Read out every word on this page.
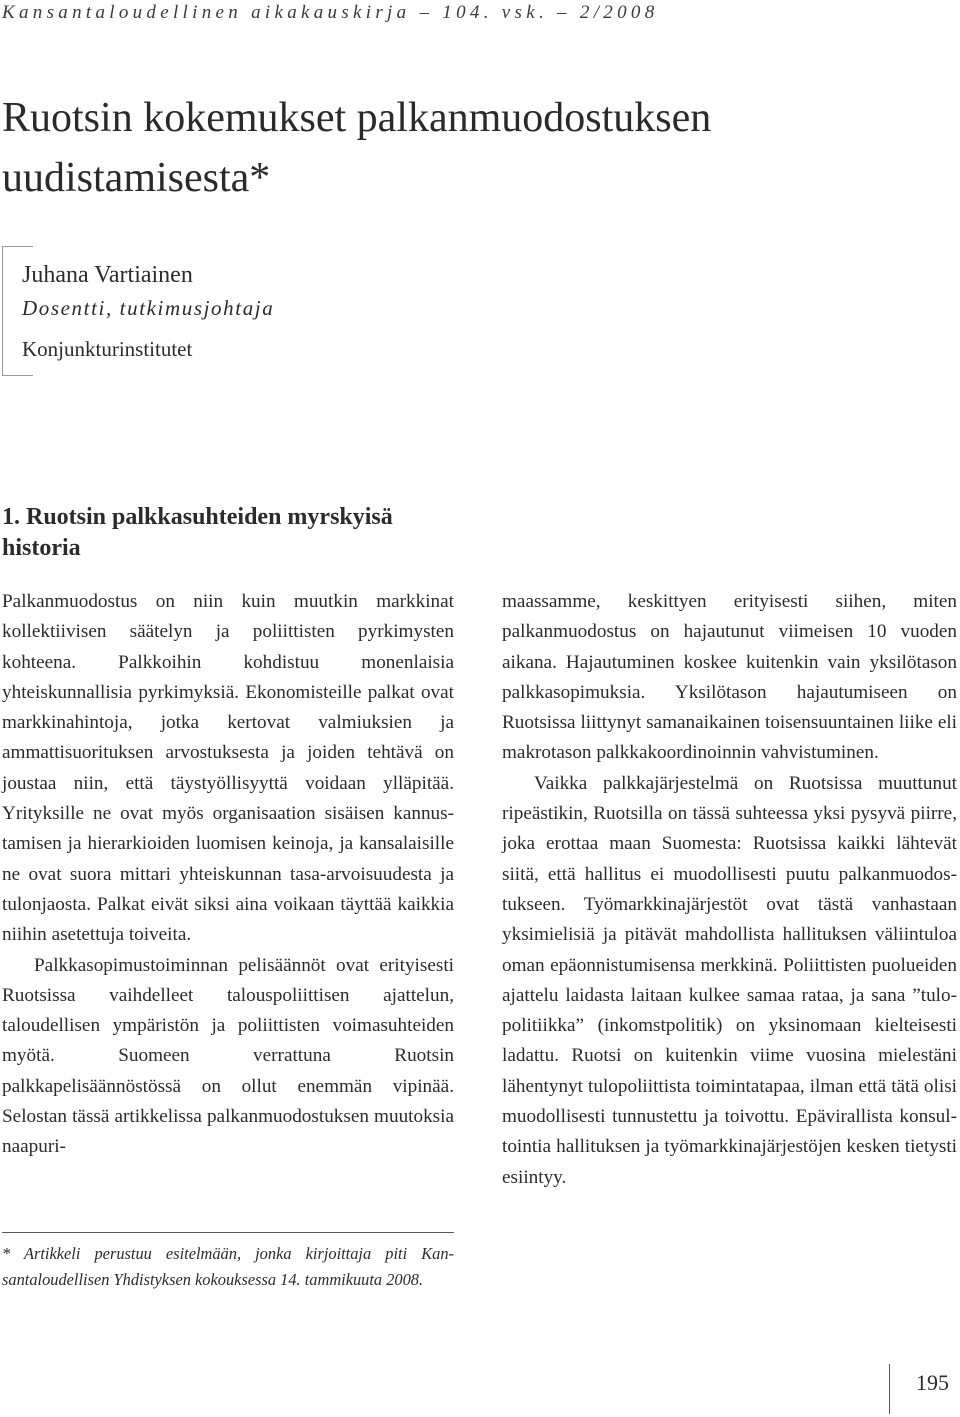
Kansantaloudellinen aikakauskirja – 104. vsk. – 2/2008
Ruotsin kokemukset palkanmuodostuksen uudistamisesta*
Juhana Vartiainen
Dosentti, tutkimusjohtaja
Konjunkturinstitutet
1. Ruotsin palkkasuhteiden myrskyisä historia

Palkanmuodostus on niin kuin muutkin markkinat kollektiivisen säätelyn ja poliittisten pyrkimysten kohteena. Palkkoihin kohdistuu monenlaisia yhteiskunnallisia pyrkimyksiä. Ekonomisteille palkat ovat markkinahintoja, jotka kertovat valmiuksien ja ammattisuorituksen arvostuksesta ja joiden tehtävä on joustaa niin, että täystyöllisyyttä voidaan ylläpitää. Yrityksille ne ovat myös organisaation sisäisen kannustamisen ja hierarkioiden luomisen keinoja, ja kansalaisille ne ovat suora mittari yhteiskunnan tasa-arvoisuudesta ja tulonjaosta. Palkat eivät siksi aina voikaan täyttää kaikkia niihin asetettuja toiveita.

Palkkasopimustoiminnan pelisäännöt ovat erityisesti Ruotsissa vaihdelleet talouspoliittisen ajattelun, taloudellisen ympäristön ja poliittisten voimasuhteiden myötä. Suomeen verrattuna Ruotsin palkkapelisäännöstössä on ollut enemmän vipinää. Selostan tässä artikkelissa palkanmuodostuksen muutoksia naapuri-

maassamme, keskittyen erityisesti siihen, miten palkanmuodostus on hajautunut viimeisen 10 vuoden aikana. Hajautuminen koskee kuitenkin vain yksilötason palkkasopimuksia. Yksilötason hajautumiseen on Ruotsissa liittynyt samanaikainen toisensuuntainen liike eli makrotason palkkakoordinoinnin vahvistuminen.

Vaikka palkkajärjestelmä on Ruotsissa muuttunut ripeästikin, Ruotsilla on tässä suhteessa yksi pysyvä piirre, joka erottaa maan Suomesta: Ruotsissa kaikki lähtevät siitä, että hallitus ei muodollisesti puutu palkanmuodostukseen. Työmarkkinajärjestöt ovat tästä vanhastaan yksimielisiä ja pitävät mahdollista hallituksen väliintuloa oman epäonnistumisensa merkkinä. Poliittisten puolueiden ajattelu laidasta laitaan kulkee samaa rataa, ja sana ”tulopolitiikka” (inkomstpolitik) on yksinomaan kielteisesti ladattu. Ruotsi on kuitenkin viime vuosina mielestäni lähentynyt tulopoliittista toimintatapaa, ilman että tätä olisi muodollisesti tunnustettu ja toivottu. Epävirallista konsultointia hallituksen ja työmarkkinajärjestöjen kesken tietysti esiintyy.

* Artikkeli perustuu esitelmään, jonka kirjoittaja piti Kansantaloudellisen Yhdistyksen kokouksessa 14. tammikuuta 2008.
195
